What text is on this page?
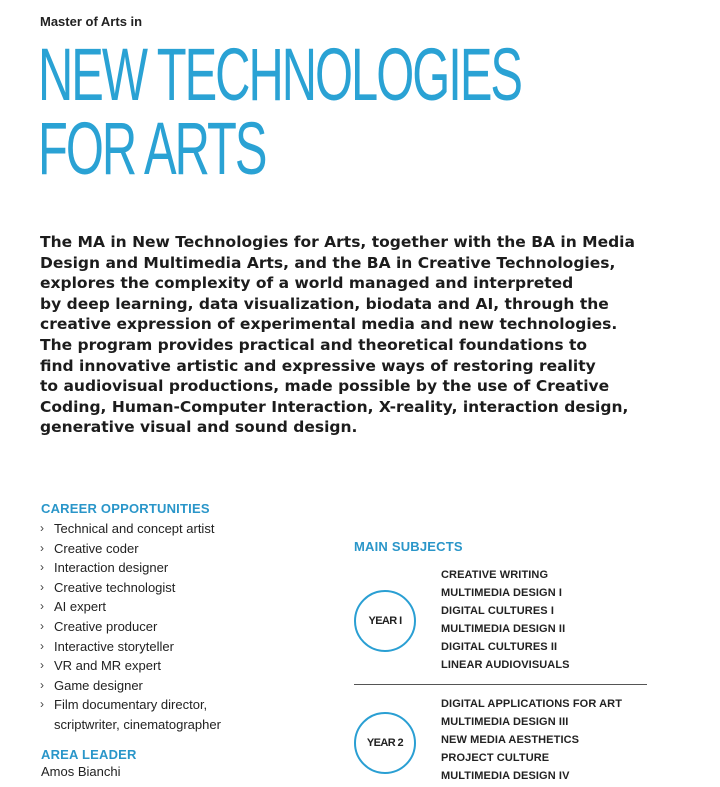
Master of Arts in
NEW TECHNOLOGIES
FOR ARTS

The MA in New Technologies for Arts, together with the BA in Media
Design and Multimedia Arts, and the BA in Creative Technologies,
explores the complexity of a world managed and interpreted
by deep learning, data visualization, biodata and AI, through the
creative expression of experimental media and new technologies.
The program provides practical and theoretical foundations to
find innovative artistic and expressive ways of restoring reality
to audiovisual productions, made possible by the use of Creative
Coding, Human-Computer Interaction, X-reality, interaction design,
generative visual and sound design.

CAREER OPPORTUNITIES
› Technical and concept artist
› Creative coder
› Interaction designer
› Creative technologist
› AI expert
› Creative producer
› Interactive storyteller
› VR and MR expert
› Game designer
› Film documentary director,
scriptwriter, cinematographer
AREA LEADER
Amos Bianchi
MAIN SUBJECTS
YEAR I
CREATIVE WRITING
MULTIMEDIA DESIGN I
DIGITAL CULTURES I
MULTIMEDIA DESIGN II
DIGITAL CULTURES II
LINEAR AUDIOVISUALS
YEAR 2
DIGITAL APPLICATIONS FOR ART
MULTIMEDIA DESIGN III
NEW MEDIA AESTHETICS
PROJECT CULTURE
MULTIMEDIA DESIGN IV
